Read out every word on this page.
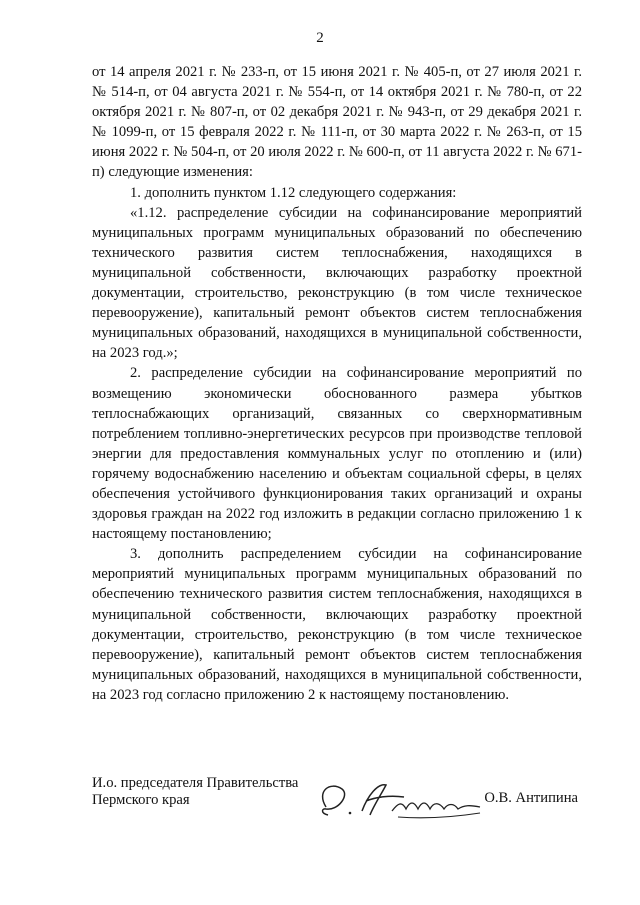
2

от 14 апреля 2021 г. № 233-п, от 15 июня 2021 г. № 405-п, от 27 июля 2021 г. № 514-п, от 04 августа 2021 г. № 554-п, от 14 октября 2021 г. № 780-п, от 22 октября 2021 г. № 807-п, от 02 декабря 2021 г. № 943-п, от 29 декабря 2021 г. № 1099-п, от 15 февраля 2022 г. № 111-п, от 30 марта 2022 г. № 263-п, от 15 июня 2022 г. № 504-п, от 20 июля 2022 г. № 600-п, от 11 августа 2022 г. № 671-п) следующие изменения:

1. дополнить пунктом 1.12 следующего содержания:

«1.12. распределение субсидии на софинансирование мероприятий муниципальных программ муниципальных образований по обеспечению технического развития систем теплоснабжения, находящихся в муниципальной собственности, включающих разработку проектной документации, строительство, реконструкцию (в том числе техническое перевооружение), капитальный ремонт объектов систем теплоснабжения муниципальных образований, находящихся в муниципальной собственности, на 2023 год.»;

2. распределение субсидии на софинансирование мероприятий по возмещению экономически обоснованного размера убытков теплоснабжающих организаций, связанных со сверхнормативным потреблением топливно-энергетических ресурсов при производстве тепловой энергии для предоставления коммунальных услуг по отоплению и (или) горячему водоснабжению населению и объектам социальной сферы, в целях обеспечения устойчивого функционирования таких организаций и охраны здоровья граждан на 2022 год изложить в редакции согласно приложению 1 к настоящему постановлению;

3. дополнить распределением субсидии на софинансирование мероприятий муниципальных программ муниципальных образований по обеспечению технического развития систем теплоснабжения, находящихся в муниципальной собственности, включающих разработку проектной документации, строительство, реконструкцию (в том числе техническое перевооружение), капитальный ремонт объектов систем теплоснабжения муниципальных образований, находящихся в муниципальной собственности, на 2023 год согласно приложению 2 к настоящему постановлению.

И.о. председателя Правительства
Пермского края	О.В. Антипина
